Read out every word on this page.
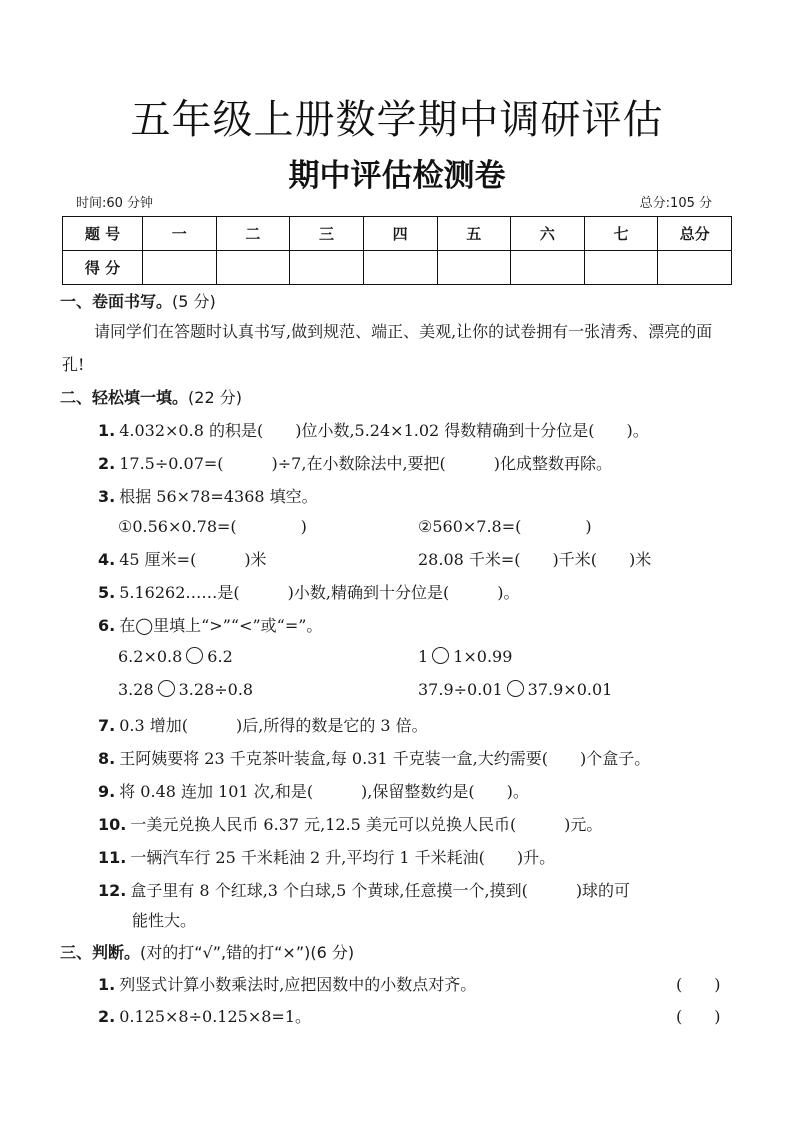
五年级上册数学期中调研评估
期中评估检测卷
时间:60 分钟	总分:105 分
题 号	一	二	三	四	五	六	七	总分
得 分								
一、卷面书写。(5 分)
请同学们在答题时认真书写,做到规范、端正、美观,让你的试卷拥有一张清秀、漂亮的面孔!
二、轻松填一填。(22 分)
1. 4.032×0.8 的积是(　　)位小数,5.24×1.02 得数精确到十分位是(　　)。
2. 17.5÷0.07=(　　　)÷7,在小数除法中,要把(　　　)化成整数再除。
3. 根据 56×78=4368 填空。
①0.56×0.78=(　　　　)	②560×7.8=(　　　　)
4. 45 厘米=(　　　)米	28.08 千米=(　　)千米(　　)米
5. 5.16262……是(　　　)小数,精确到十分位是(　　　)。
6. 在◯里填上“>”“<”或“=”。
6.2×0.8 6.2	1 1×0.99
3.28 3.28÷0.8	37.9÷0.01 37.9×0.01
7. 0.3 增加(　　　)后,所得的数是它的 3 倍。
8. 王阿姨要将 23 千克茶叶装盒,每 0.31 千克装一盒,大约需要(　　)个盒子。
9. 将 0.48 连加 101 次,和是(　　　),保留整数约是(　　)。
10. 一美元兑换人民币 6.37 元,12.5 美元可以兑换人民币(　　　)元。
11. 一辆汽车行 25 千米耗油 2 升,平均行 1 千米耗油(　　)升。
12. 盒子里有 8 个红球,3 个白球,5 个黄球,任意摸一个,摸到(　　　)球的可
能性大。
三、判断。(对的打“√”,错的打“×”)(6 分)
1. 列竖式计算小数乘法时,应把因数中的小数点对齐。	(　　)
2. 0.125×8÷0.125×8=1。	(　　)
